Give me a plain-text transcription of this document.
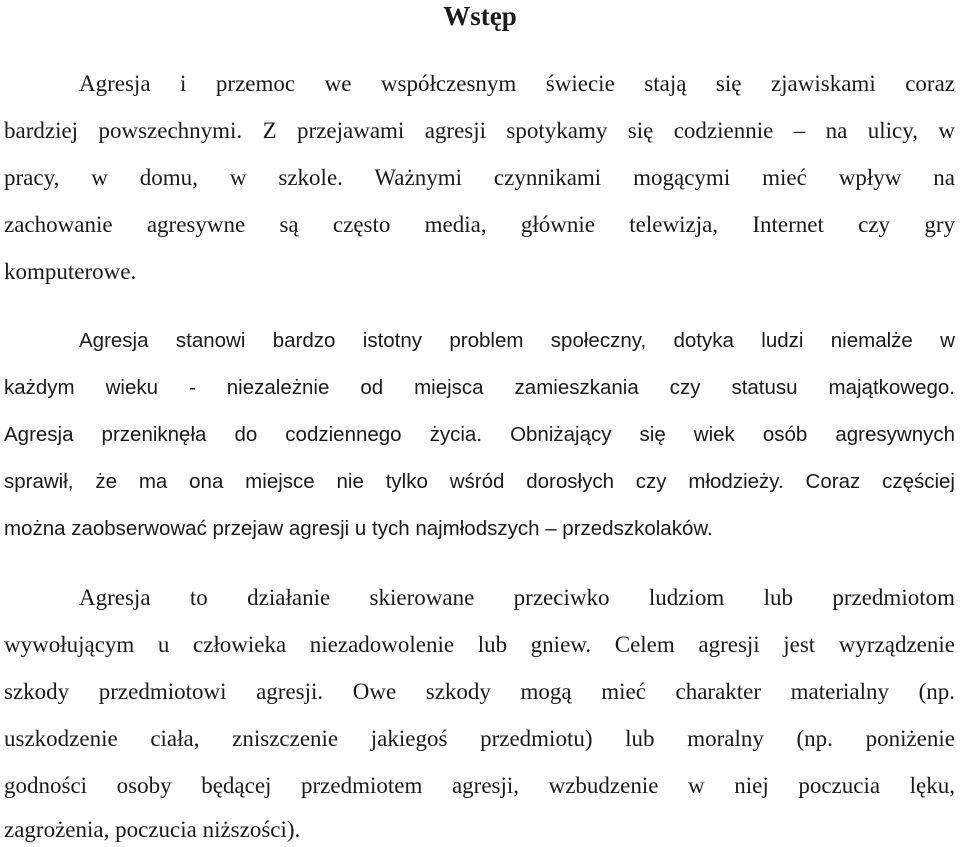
Wstęp

Agresja i przemoc we współczesnym świecie stają się zjawiskami coraz

bardziej powszechnymi. Z przejawami agresji spotykamy się codziennie – na ulicy, w

pracy, w domu, w szkole. Ważnymi czynnikami mogącymi mieć wpływ na

zachowanie agresywne są często media, głównie telewizja, Internet czy gry

komputerowe.

Agresja stanowi bardzo istotny problem społeczny, dotyka ludzi niemalże w

każdym wieku - niezależnie od miejsca zamieszkania czy statusu majątkowego.

Agresja przeniknęła do codziennego życia. Obniżający się wiek osób agresywnych

sprawił, że ma ona miejsce nie tylko wśród dorosłych czy młodzieży. Coraz częściej

można zaobserwować przejaw agresji u tych najmłodszych – przedszkolaków.

Agresja to działanie skierowane przeciwko ludziom lub przedmiotom

wywołującym u człowieka niezadowolenie lub gniew. Celem agresji jest wyrządzenie

szkody przedmiotowi agresji. Owe szkody mogą mieć charakter materialny (np.

uszkodzenie ciała, zniszczenie jakiegoś przedmiotu) lub moralny (np. poniżenie

godności osoby będącej przedmiotem agresji, wzbudzenie w niej poczucia lęku,

zagrożenia, poczucia niższości).
